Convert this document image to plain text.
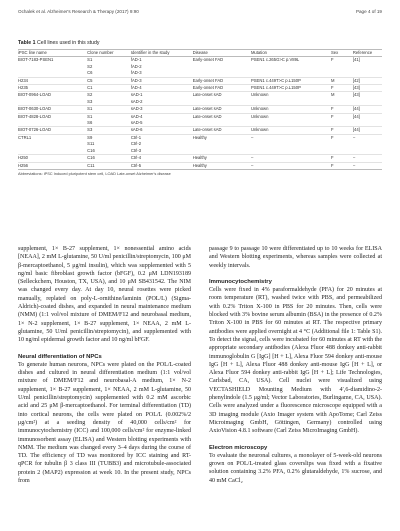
Ochalek et al. Alzheimer's Research & Therapy (2017) 9:90	Page 4 of 19
Table 1 Cell lines used in this study
iPSC line name	Clone number	Identifier in the study	Disease	Mutation	Sex	Reference
BIOT-7183-PSEN1	S1	fAD-1	Early-onset FAD	PSEN1 c.265G>C p.V89L	F	[41]
	S2	fAD-2				
	C6	fAD-3				
H234	C5	fAD-3	Early-onset FAD	PSEN1 c.449T>C p.L150P	M	[42]
H235	C1	fAD-4	Early-onset FAD	PSEN1 c.449T>C p.L150P	F	[43]
BIOT-0964-LOAD	S2	sAD-1	Late-onset sAD	Unknown	M	[43]
	S3	sAD-2				
BIOT-0630-LOAD	S1	sAD-3	Late-onset sAD	Unknown	F	[44]
BIOT-4828-LOAD	S1	sAD-4	Late-onset sAD	Unknown	F	[44]
	S6	sAD-5				
BIOT-0726-LOAD	S3	sAD-6	Late-onset sAD	Unknown	F	[44]
CTRL1	S9	Ctrl-1	Healthy	–	F	–
	S11	Ctrl-2				
	C16	Ctrl-3				
H250	C16	Ctrl-4	Healthy	–	F	–
H256	C11	Ctrl-5	Healthy	–	F	–
Abbreviations: iPSC Induced pluripotent stem cell, LOAD Late-onset Alzheimer's disease

supplement, 1× B-27 supplement, 1× nonessential amino acids [NEAA], 2 mM L-glutamine, 50 U/ml penicillin/streptomycin, 100 μM β-mercaptoethanol, 5 μg/ml insulin), which was supplemented with 5 ng/ml basic fibroblast growth factor (bFGF), 0.2 μM LDN193189 (Selleckchem, Houston, TX, USA), and 10 μM SB431542. The NIM was changed every day. At day 10, neural rosettes were picked manually, replated on poly-L-ornithine/laminin (POL/L) (Sigma-Aldrich)-coated dishes, and expanded in neural maintenance medium (NMM) (1:1 vol/vol mixture of DMEM/F12 and neurobasal medium, 1× N-2 supplement, 1× B-27 supplement, 1× NEAA, 2 mM L-glutamine, 50 U/ml penicillin/streptomycin), and supplemented with 10 ng/ml epidermal growth factor and 10 ng/ml bFGF.

Neural differentiation of NPCs

To generate human neurons, NPCs were plated on the POL/L-coated dishes and cultured in neural differentiation medium (1:1 vol/vol mixture of DMEM/F12 and neurobasal-A medium, 1× N-2 supplement, 1× B-27 supplement, 1× NEAA, 2 mM L-glutamine, 50 U/ml penicillin/streptomycin) supplemented with 0.2 mM ascorbic acid and 25 μM β-mercaptoethanol. For terminal differentiation (TD) into cortical neurons, the cells were plated on POL/L (0.002%/2 μg/cm²) at a seeding density of 40,000 cells/cm² for immunocytochemistry (ICC) and 100,000 cells/cm² for enzyme-linked immunosorbent assay (ELISA) and Western blotting experiments with NMM. The medium was changed every 3–4 days during the course of TD. The efficiency of TD was monitored by ICC staining and RT-qPCR for tubulin β 3 class III (TUBB3) and microtubule-associated protein 2 (MAP2) expression at week 10. In the present study, NPCs from

passage 9 to passage 10 were differentiated up to 10 weeks for ELISA and Western blotting experiments, whereas samples were collected at weekly intervals.

Immunocytochemistry

Cells were fixed in 4% paraformaldehyde (PFA) for 20 minutes at room temperature (RT), washed twice with PBS, and permeabilized with 0.2% Triton X-100 in PBS for 20 minutes. Then, cells were blocked with 3% bovine serum albumin (BSA) in the presence of 0.2% Triton X-100 in PBS for 60 minutes at RT. The respective primary antibodies were applied overnight at 4 °C (Additional file 1: Table S1). To detect the signal, cells were incubated for 60 minutes at RT with the appropriate secondary antibodies (Alexa Fluor 488 donkey anti-rabbit immunoglobulin G [IgG] [H + L], Alexa Fluor 594 donkey anti-mouse IgG [H + L], Alexa Fluor 488 donkey anti-mouse IgG [H + L], or Alexa Fluor 594 donkey anti-rabbit IgG [H + L]; Life Technologies, Carlsbad, CA, USA). Cell nuclei were visualized using VECTASHIELD Mounting Medium with 4′,6-diamidino-2-phenylindole (1.5 μg/ml; Vector Laboratories, Burlingame, CA, USA). Cells were analyzed under a fluorescence microscope equipped with a 3D imaging module (Axio Imager system with ApoTome; Carl Zeiss Microimaging GmbH, Göttingen, Germany) controlled using AxioVision 4.8.1 software (Carl Zeiss MicroImaging GmbH).

Electron microscopy

To evaluate the neuronal cultures, a monolayer of 5-week-old neurons grown on POL/L-treated glass coverslips was fixed with a fixative solution containing 3.2% PFA, 0.2% glutaraldehyde, 1% sucrose, and 40 mM CaCl₂
